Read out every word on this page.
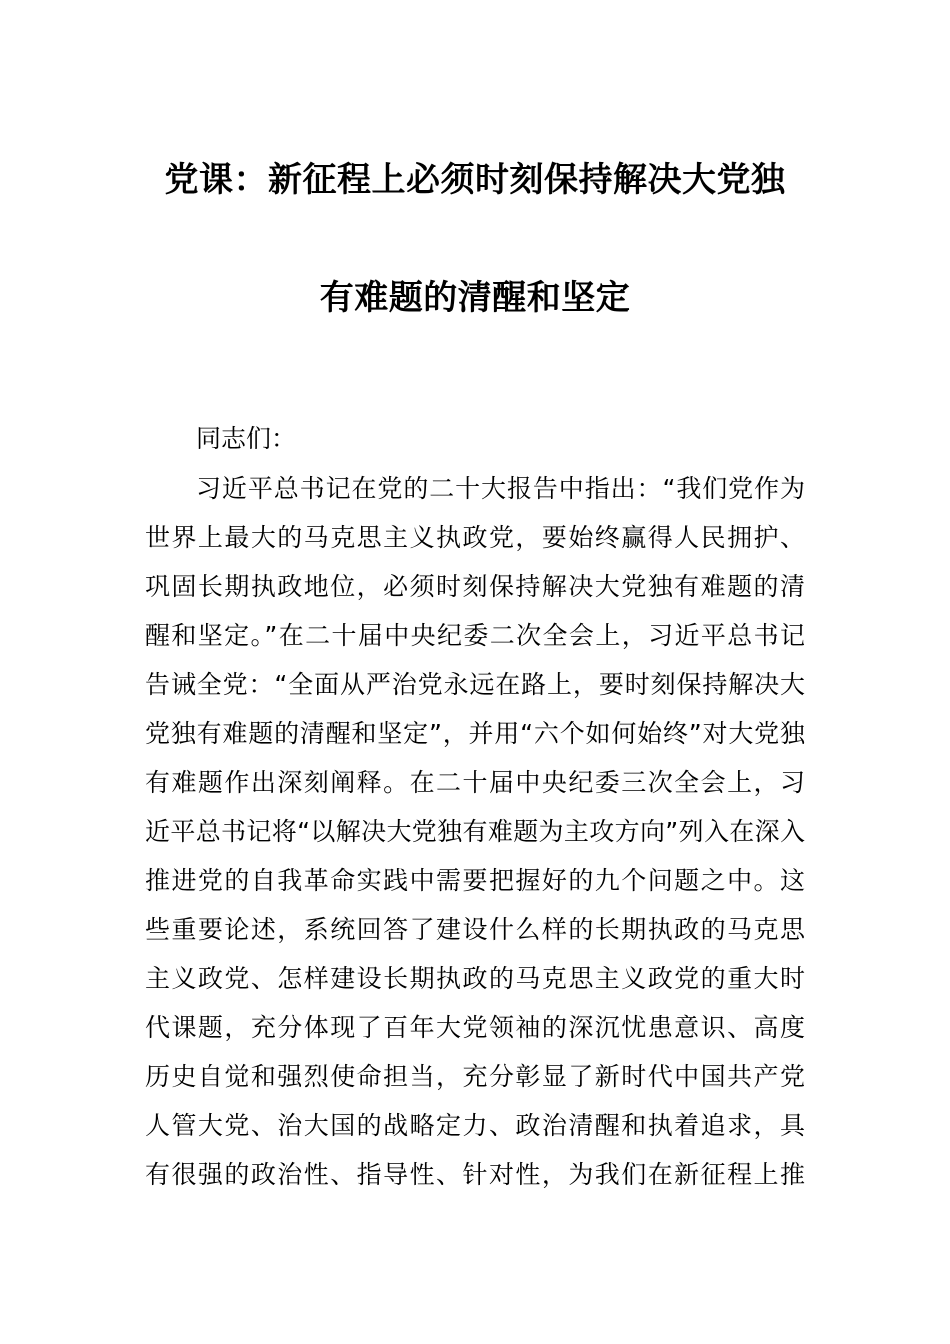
党课：新征程上必须时刻保持解决大党独
有难题的清醒和坚定
同志们：
习近平总书记在党的二十大报告中指出：“我们党作为
世界上最大的马克思主义执政党，要始终赢得人民拥护、
巩固长期执政地位，必须时刻保持解决大党独有难题的清
醒和坚定。”在二十届中央纪委二次全会上，习近平总书记
告诫全党：“全面从严治党永远在路上，要时刻保持解决大
党独有难题的清醒和坚定”，并用“六个如何始终”对大党独
有难题作出深刻阐释。在二十届中央纪委三次全会上，习
近平总书记将“以解决大党独有难题为主攻方向”列入在深入
推进党的自我革命实践中需要把握好的九个问题之中。这
些重要论述，系统回答了建设什么样的长期执政的马克思
主义政党、怎样建设长期执政的马克思主义政党的重大时
代课题，充分体现了百年大党领袖的深沉忧患意识、高度
历史自觉和强烈使命担当，充分彰显了新时代中国共产党
人管大党、治大国的战略定力、政治清醒和执着追求，具
有很强的政治性、指导性、针对性，为我们在新征程上推
